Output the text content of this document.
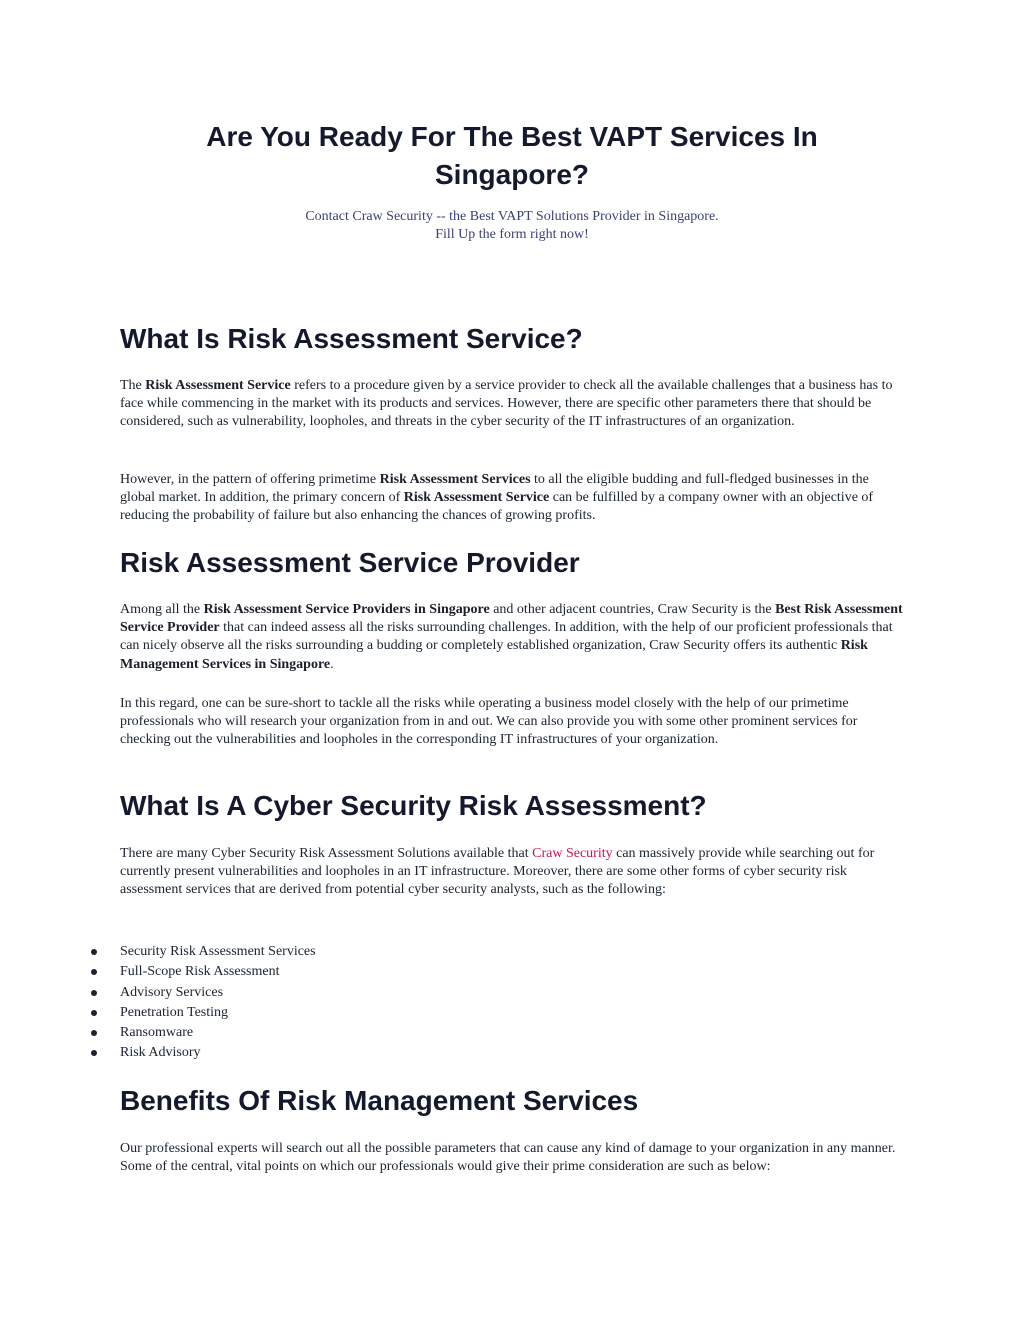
Are You Ready For The Best VAPT Services In Singapore?

Contact Craw Security -- the Best VAPT Solutions Provider in Singapore.
Fill Up the form right now!

What Is Risk Assessment Service?

The Risk Assessment Service refers to a procedure given by a service provider to check all the available challenges that a business has to face while commencing in the market with its products and services. However, there are specific other parameters there that should be considered, such as vulnerability, loopholes, and threats in the cyber security of the IT infrastructures of an organization.

However, in the pattern of offering primetime Risk Assessment Services to all the eligible budding and full-fledged businesses in the global market. In addition, the primary concern of Risk Assessment Service can be fulfilled by a company owner with an objective of reducing the probability of failure but also enhancing the chances of growing profits.

Risk Assessment Service Provider

Among all the Risk Assessment Service Providers in Singapore and other adjacent countries, Craw Security is the Best Risk Assessment Service Provider that can indeed assess all the risks surrounding challenges. In addition, with the help of our proficient professionals that can nicely observe all the risks surrounding a budding or completely established organization, Craw Security offers its authentic Risk Management Services in Singapore.

In this regard, one can be sure-short to tackle all the risks while operating a business model closely with the help of our primetime professionals who will research your organization from in and out. We can also provide you with some other prominent services for checking out the vulnerabilities and loopholes in the corresponding IT infrastructures of your organization.

What Is A Cyber Security Risk Assessment?

There are many Cyber Security Risk Assessment Solutions available that Craw Security can massively provide while searching out for currently present vulnerabilities and loopholes in an IT infrastructure. Moreover, there are some other forms of cyber security risk assessment services that are derived from potential cyber security analysts, such as the following:

Security Risk Assessment Services
Full-Scope Risk Assessment
Advisory Services
Penetration Testing
Ransomware
Risk Advisory
Benefits Of Risk Management Services

Our professional experts will search out all the possible parameters that can cause any kind of damage to your organization in any manner. Some of the central, vital points on which our professionals would give their prime consideration are such as below:
